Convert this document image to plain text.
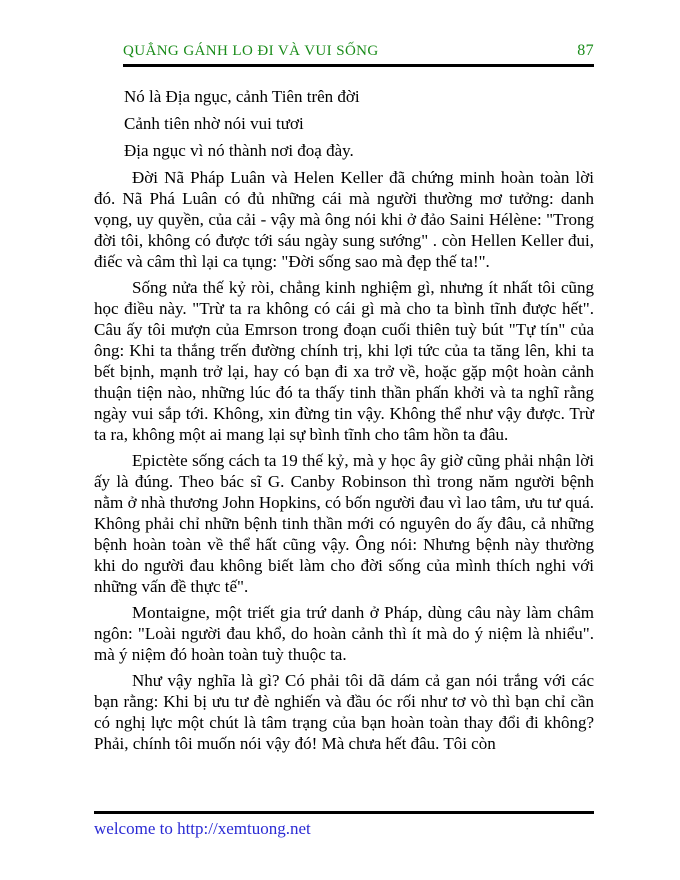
QUẲNG GÁNH LO ĐI VÀ VUI SỐNG	87
Nó là Địa ngục, cảnh Tiên trên đời
Cảnh tiên nhờ nói vui tươi
Địa ngục vì nó thành nơi đoạ đày.

Đời Nã Pháp Luân và Helen Keller đã chứng minh hoàn toàn lời đó. Nã Phá Luân có đủ những cái mà người thường mơ tưởng: danh vọng, uy quyền, của cải - vậy mà ông nói khi ở đảo Saini Hélène: "Trong đời tôi, không có được tới sáu ngày sung sướng" . còn Hellen Keller đui, điếc và câm thì lại ca tụng: "Đời sống sao mà đẹp thế ta!".

Sống nửa thế kỷ ròi, chẳng kinh nghiệm gì, nhưng ít nhất tôi cũng học điều này. "Trừ ta ra không có cái gì mà cho ta bình tĩnh được hết". Câu ấy tôi mượn của Emrson trong đoạn cuối thiên tuỳ bút "Tự tín" của ông: Khi ta thắng trến đường chính trị, khi lợi tức của ta tăng lên, khi ta bết bịnh, mạnh trở lại, hay có bạn đi xa trở về, hoặc gặp một hoàn cảnh thuận tiện nào, những lúc đó ta thấy tinh thần phấn khởi và ta nghĩ rằng ngày vui sắp tới. Không, xin đừng tin vậy. Không thể như vậy được. Trừ ta ra, không một ai mang lại sự bình tĩnh cho tâm hồn ta đâu.

Epictète sống cách ta 19 thế kỷ, mà y học ây giờ cũng phải nhận lời ấy là đúng. Theo bác sĩ G. Canby Robinson thì trong năm người bệnh nằm ở nhà thương John Hopkins, có bốn người đau vì lao tâm, ưu tư quá. Không phải chỉ nhữn bệnh tinh thần mới có nguyên do ấy đâu, cả những bệnh hoàn toàn về thể hất cũng vậy. Ông nói: Nhưng bệnh này thường khi do người đau không biết làm cho đời sống của mình thích nghi với những vấn đề thực tế".

Montaigne, một triết gia trứ danh ở Pháp, dùng câu này làm châm ngôn: "Loài người đau khổ, do hoàn cảnh thì ít mà do ý niệm là nhiểu". mà ý niệm đó hoàn toàn tuỳ thuộc ta.

Như vậy nghĩa là gì? Có phải tôi dã dám cả gan nói trắng với các bạn rằng: Khi bị ưu tư đè nghiến và đầu óc rối như tơ vò thì bạn chỉ cần có nghị lực một chút là tâm trạng của bạn hoàn toàn thay đổi đi không? Phải, chính tôi muốn nói vậy đó! Mà chưa hết đâu. Tôi còn

welcome to http://xemtuong.net
